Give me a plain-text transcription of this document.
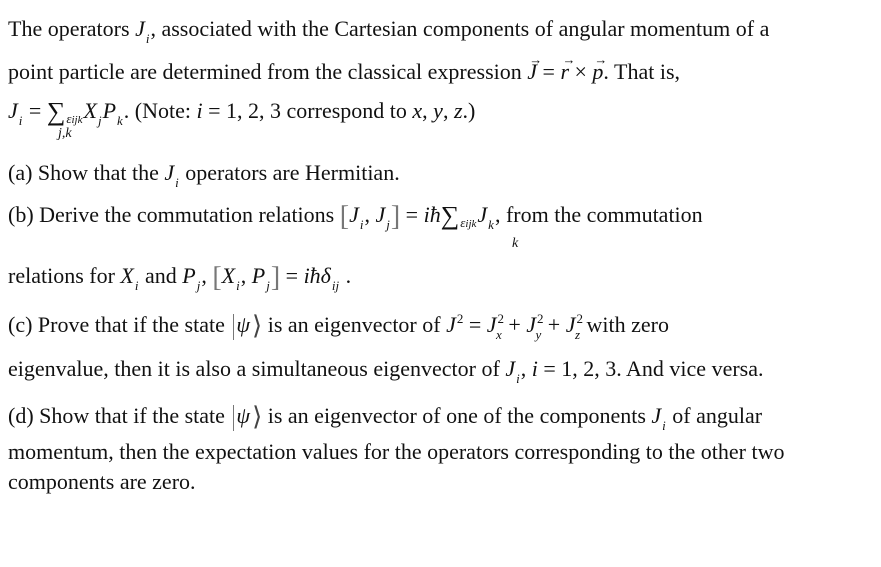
The operators $J_i$, associated with the Cartesian components of angular momentum of a
point particle are determined from the classical expression → J = → r × → p. That is,
$J_i = \sum_{\varepsilon ijk}X_jP_k$. (Note: i = 1, 2, 3 correspond to x, y, z.)
j,k
(a) Show that the $J_i$ operators are Hermitian.
(b) Derive the commutation relations [$J_i$, $J_j$] = $iħ\sum_{\varepsilon ijk}J_k$, from the commutation
k
relations for $X_i$ and $P_j$, [$X_i$, $P_j$] = iħδ$_{ij}$ .
(c) Prove that if the state ψ⟩ is an eigenvector of $J^2 = J^2_x + J^2_y + J^2_z$ with zero
eigenvalue, then it is also a simultaneous eigenvector of $J_i$, i = 1, 2, 3. And vice versa.
(d) Show that if the state ψ⟩ is an eigenvector of one of the components $J_i$ of angular
momentum, then the expectation values for the operators corresponding to the other two
components are zero.
